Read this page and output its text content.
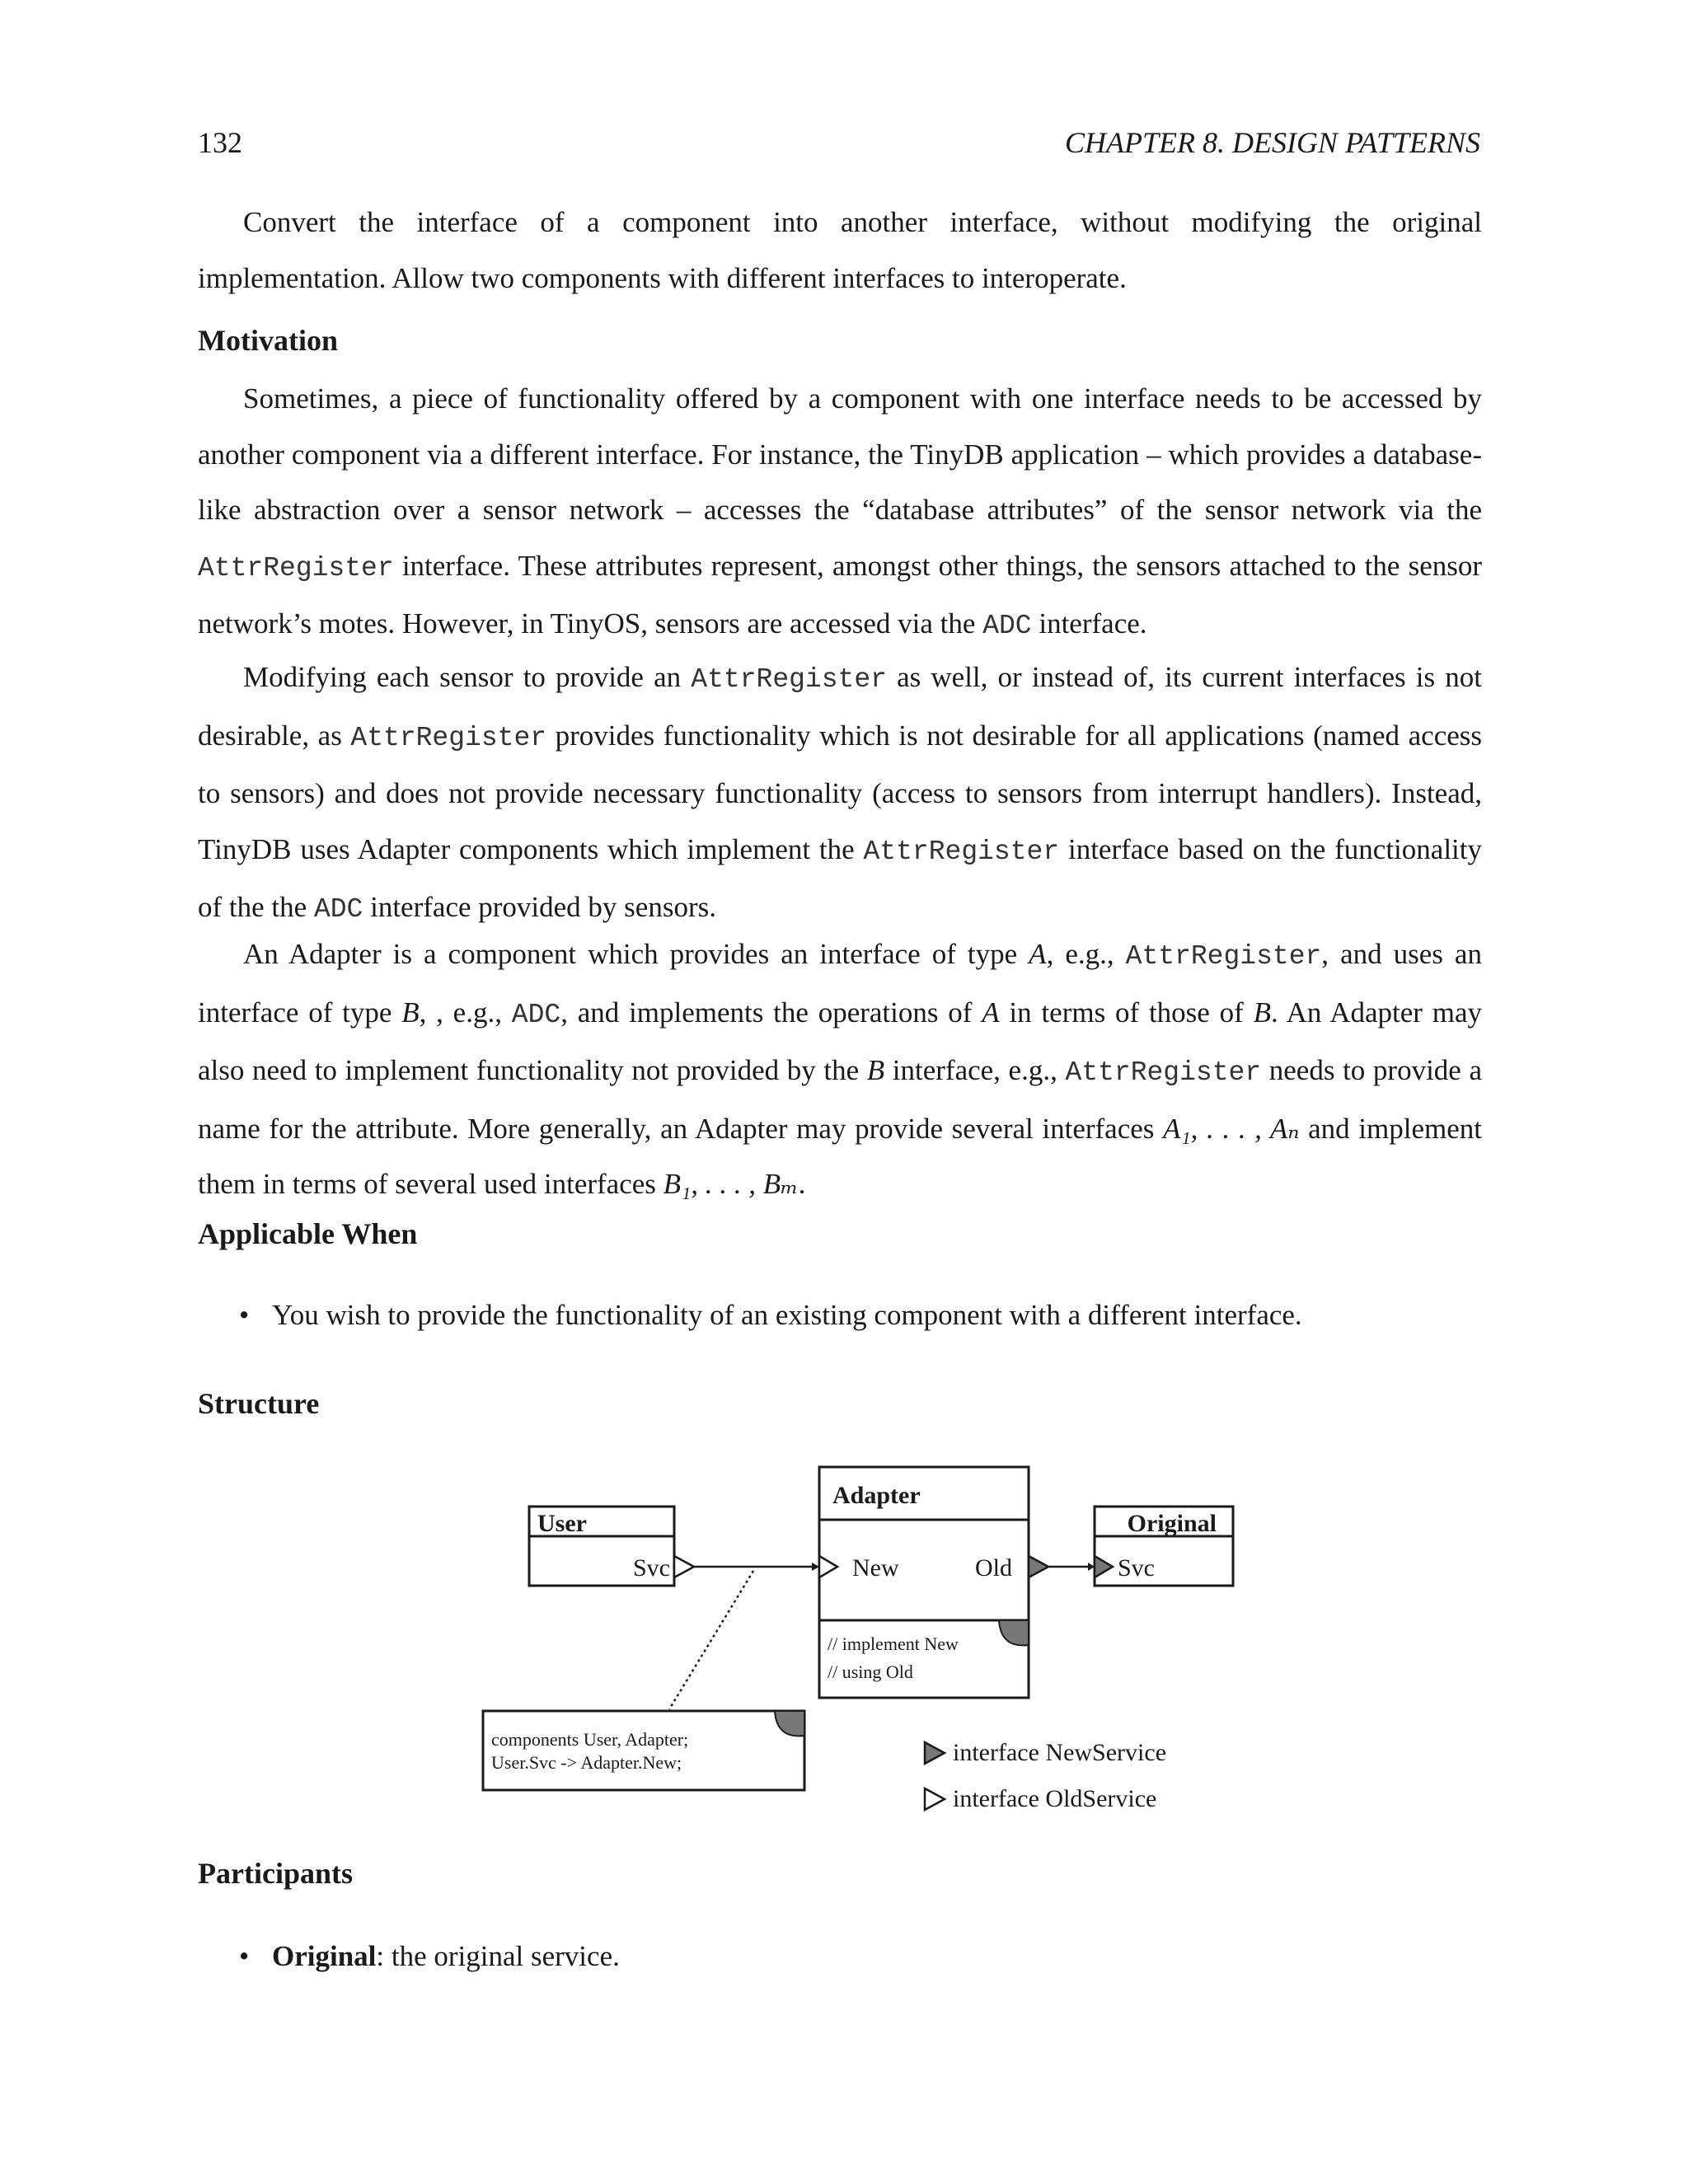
132	CHAPTER 8. DESIGN PATTERNS
Convert the interface of a component into another interface, without modifying the original implementation. Allow two components with different interfaces to interoperate.
Motivation
Sometimes, a piece of functionality offered by a component with one interface needs to be accessed by another component via a different interface. For instance, the TinyDB application – which provides a database-like abstraction over a sensor network – accesses the “database attributes” of the sensor network via the AttrRegister interface. These attributes represent, amongst other things, the sensors attached to the sensor network’s motes. However, in TinyOS, sensors are accessed via the ADC interface.
Modifying each sensor to provide an AttrRegister as well, or instead of, its current interfaces is not desirable, as AttrRegister provides functionality which is not desirable for all applications (named access to sensors) and does not provide necessary functionality (access to sensors from interrupt handlers). Instead, TinyDB uses Adapter components which implement the AttrRegister interface based on the functionality of the the ADC interface provided by sensors.
An Adapter is a component which provides an interface of type A, e.g., AttrRegister, and uses an interface of type B, , e.g., ADC, and implements the operations of A in terms of those of B. An Adapter may also need to implement functionality not provided by the B interface, e.g., AttrRegister needs to provide a name for the attribute. More generally, an Adapter may provide several interfaces A₁, . . . , Aₙ and implement them in terms of several used interfaces B₁, . . . , Bₘ.
Applicable When
• You wish to provide the functionality of an existing component with a different interface.
Structure
User
Svc
Adapter
New	Old
// implement New
// using Old
Original
Svc
components User, Adapter;
User.Svc -> Adapter.New;	interface NewService
interface OldService
Participants
• Original: the original service.
